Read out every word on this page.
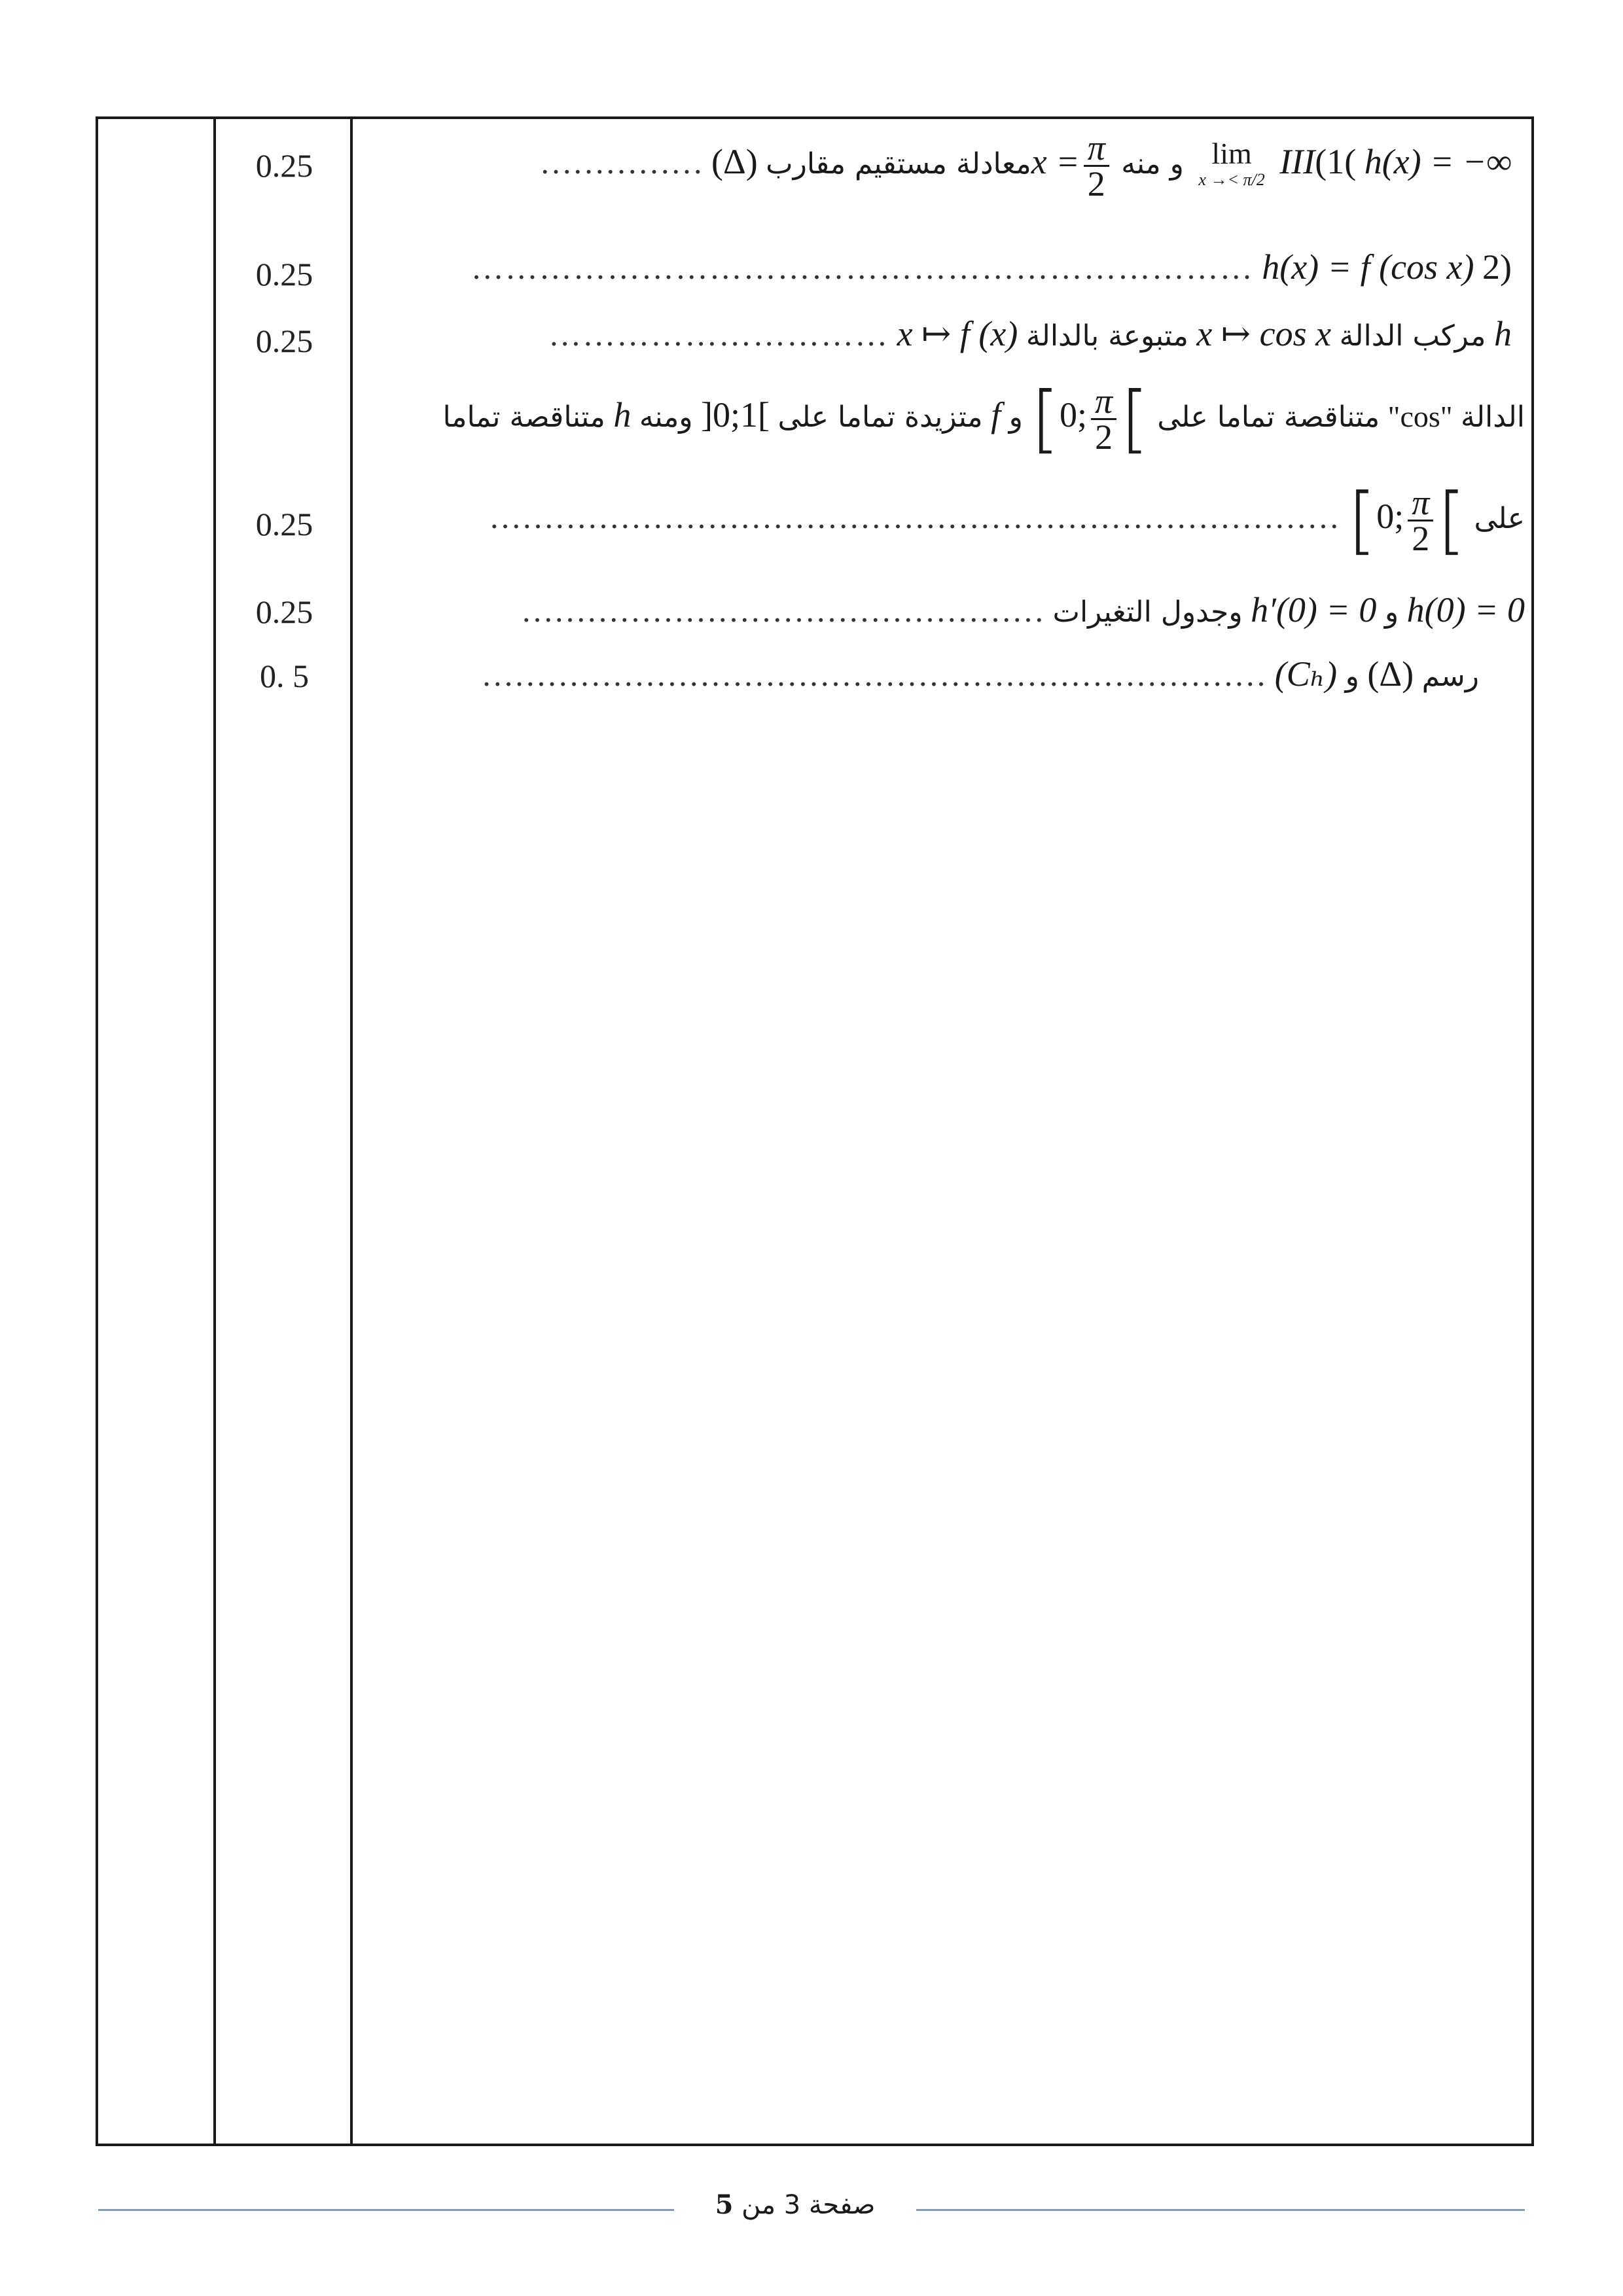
0.25
0.25
0.25
0.25
0.25
0. 5
III(1( h(x) = −∞ lim
x →< π/2
و منه
$\frac{\pi}{2}$
x =معادلة مستقيم مقارب (Δ) ……………
(2 h(x) = f (cos x) ……………………………………………………………
h مركب الدالة x ↦ cos x متبوعة بالدالة x ↦ f (x) …………………………
الدالة "cos" متناقصة تماما على [0; $\frac{\pi}{2}$ [ و f متزيدة تماما على ]0;1[ ومنه h متناقصة تماما
على [0; $\frac{\pi}{2}$ [ ……………………………………………………………………
h(0) = 0 و h′(0) = 0 وجدول التغيرات …………………………………………
رسم (Δ) و (Cₕ) ………………………………………………………………
صفحة 3 من 5
